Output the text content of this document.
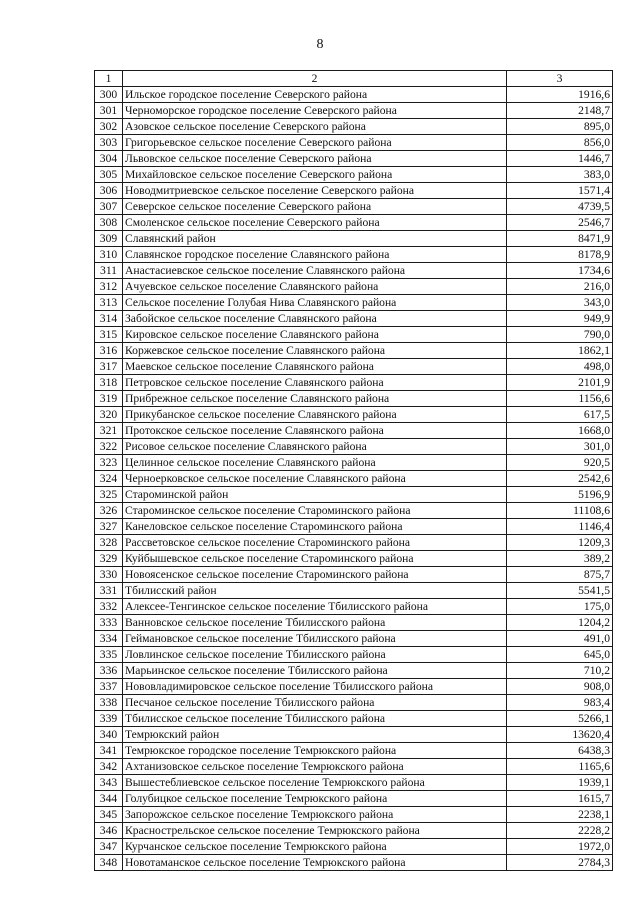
8
1	2	3
300	Ильское городское поселение Северского района	1916,6
301	Черноморское городское поселение Северского района	2148,7
302	Азовское сельское поселение Северского района	895,0
303	Григорьевское сельское поселение Северского района	856,0
304	Львовское сельское поселение Северского района	1446,7
305	Михайловское сельское поселение Северского района	383,0
306	Новодмитриевское сельское поселение Северского района	1571,4
307	Северское сельское поселение Северского района	4739,5
308	Смоленское сельское поселение Северского района	2546,7
309	Славянский район	8471,9
310	Славянское городское поселение Славянского района	8178,9
311	Анастасиевское сельское поселение Славянского района	1734,6
312	Ачуевское сельское поселение Славянского района	216,0
313	Сельское поселение Голубая Нива Славянского района	343,0
314	Забойское сельское поселение Славянского района	949,9
315	Кировское сельское поселение Славянского района	790,0
316	Коржевское сельское поселение Славянского района	1862,1
317	Маевское сельское поселение Славянского района	498,0
318	Петровское сельское поселение Славянского района	2101,9
319	Прибрежное сельское поселение Славянского района	1156,6
320	Прикубанское сельское поселение Славянского района	617,5
321	Протокское сельское поселение Славянского района	1668,0
322	Рисовое сельское поселение Славянского района	301,0
323	Целинное сельское поселение Славянского района	920,5
324	Черноерковское сельское поселение Славянского района	2542,6
325	Староминской район	5196,9
326	Староминское сельское поселение Староминского района	11108,6
327	Канеловское сельское поселение Староминского района	1146,4
328	Рассветовское сельское поселение Староминского района	1209,3
329	Куйбышевское сельское поселение Староминского района	389,2
330	Новоясенское сельское поселение Староминского района	875,7
331	Тбилисский район	5541,5
332	Алексее-Тенгинское сельское поселение Тбилисского района	175,0
333	Ванновское сельское поселение Тбилисского района	1204,2
334	Геймановское сельское поселение Тбилисского района	491,0
335	Ловлинское сельское поселение Тбилисского района	645,0
336	Марьинское сельское поселение Тбилисского района	710,2
337	Нововладимировское сельское поселение Тбилисского района	908,0
338	Песчаное сельское поселение Тбилисского района	983,4
339	Тбилисское сельское поселение Тбилисского района	5266,1
340	Темрюкский район	13620,4
341	Темрюкское городское поселение Темрюкского района	6438,3
342	Ахтанизовское сельское поселение Темрюкского района	1165,6
343	Вышестеблиевское сельское поселение Темрюкского района	1939,1
344	Голубицкое сельское поселение Темрюкского района	1615,7
345	Запорожское сельское поселение Темрюкского района	2238,1
346	Краснострельское сельское поселение Темрюкского района	2228,2
347	Курчанское сельское поселение Темрюкского района	1972,0
348	Новотаманское сельское поселение Темрюкского района	2784,3
